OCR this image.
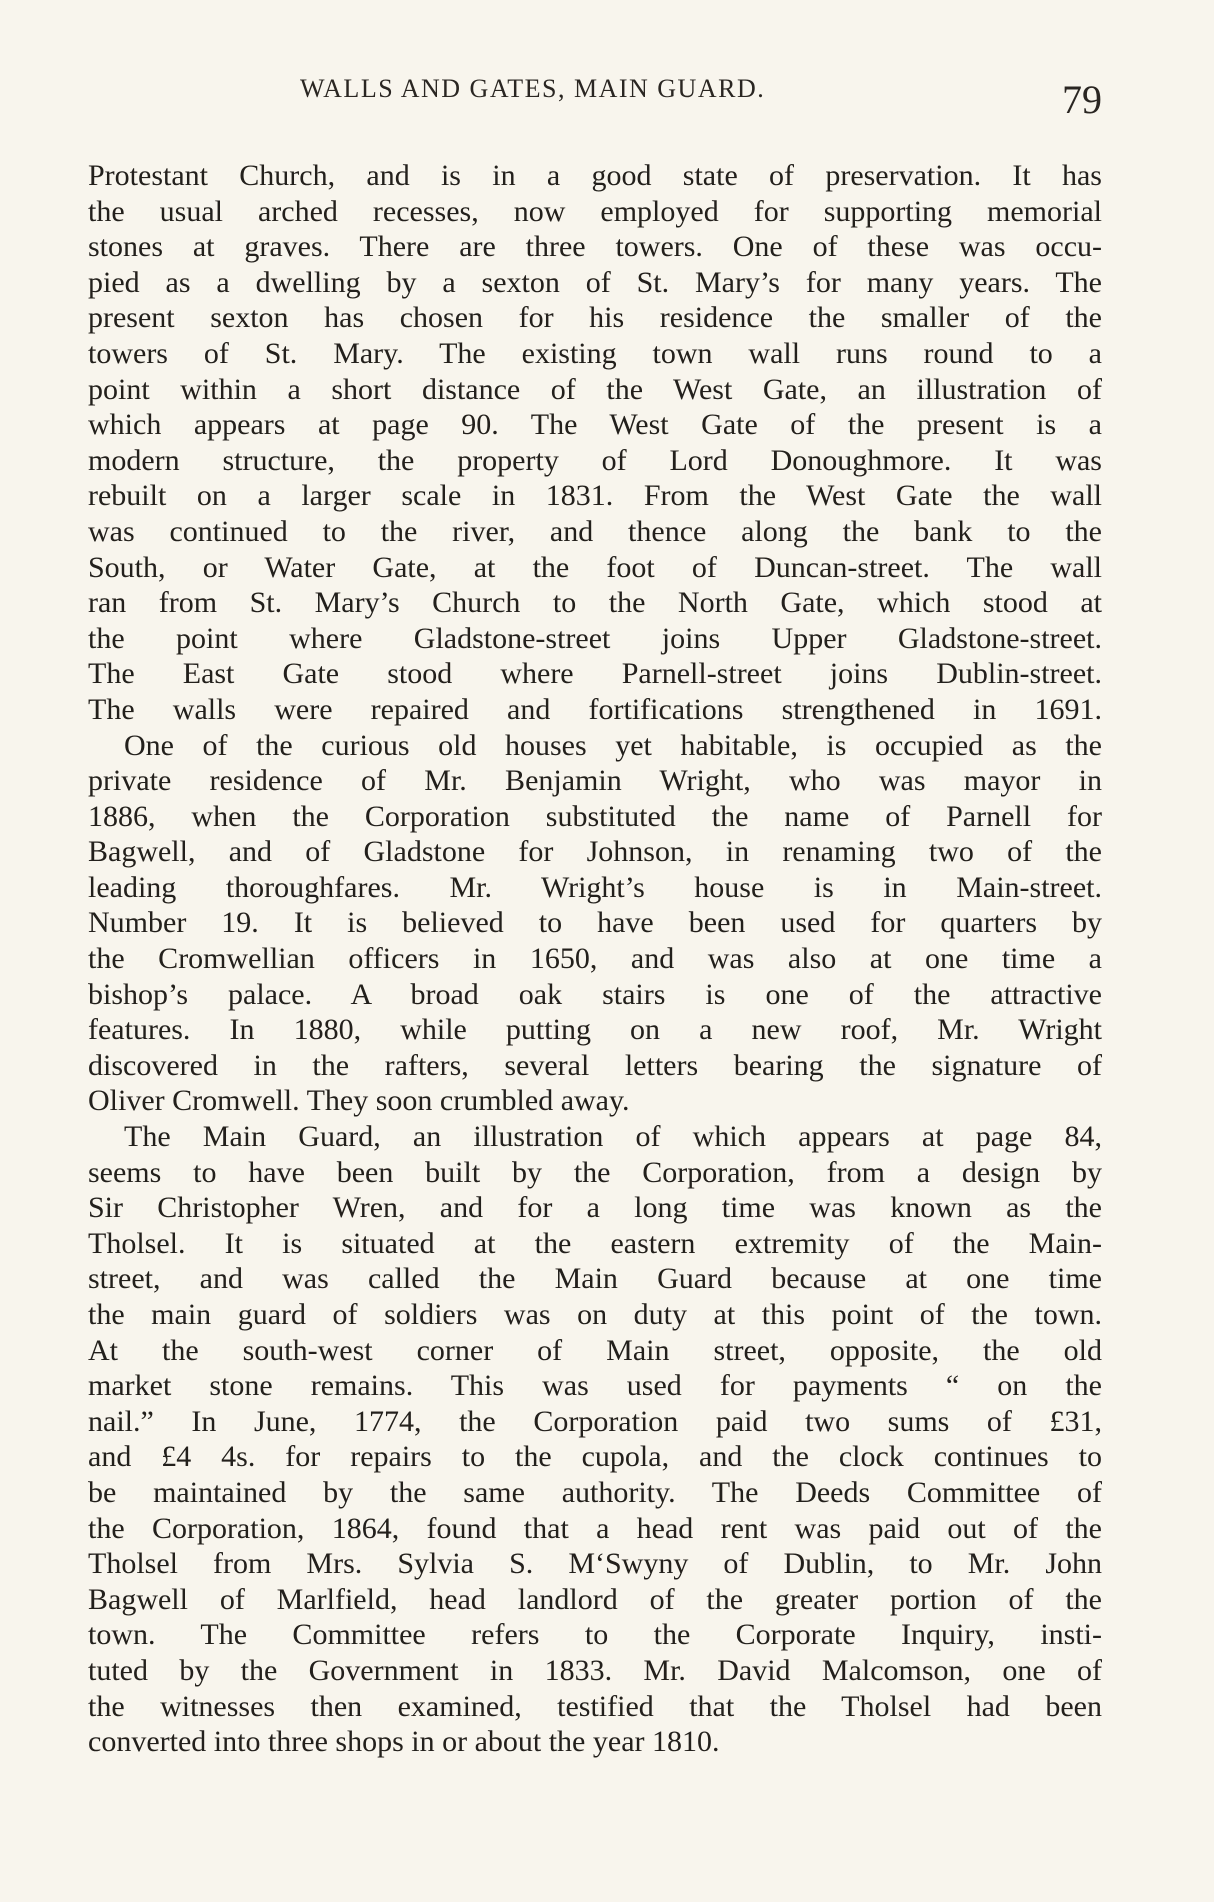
WALLS AND GATES, MAIN GUARD.	79
Protestant Church, and is in a good state of preservation. It has
the usual arched recesses, now employed for supporting memorial
stones at graves. There are three towers. One of these was occu-
pied as a dwelling by a sexton of St. Mary’s for many years. The
present sexton has chosen for his residence the smaller of the
towers of St. Mary. The existing town wall runs round to a
point within a short distance of the West Gate, an illustration of
which appears at page 90. The West Gate of the present is a
modern structure, the property of Lord Donoughmore. It was
rebuilt on a larger scale in 1831. From the West Gate the wall
was continued to the river, and thence along the bank to the
South, or Water Gate, at the foot of Duncan-street. The wall
ran from St. Mary’s Church to the North Gate, which stood at
the point where Gladstone-street joins Upper Gladstone-street.
The East Gate stood where Parnell-street joins Dublin-street.
The walls were repaired and fortifications strengthened in 1691.
One of the curious old houses yet habitable, is occupied as the
private residence of Mr. Benjamin Wright, who was mayor in
1886, when the Corporation substituted the name of Parnell for
Bagwell, and of Gladstone for Johnson, in renaming two of the
leading thoroughfares. Mr. Wright’s house is in Main-street.
Number 19. It is believed to have been used for quarters by
the Cromwellian officers in 1650, and was also at one time a
bishop’s palace. A broad oak stairs is one of the attractive
features. In 1880, while putting on a new roof, Mr. Wright
discovered in the rafters, several letters bearing the signature of
Oliver Cromwell. They soon crumbled away.
The Main Guard, an illustration of which appears at page 84,
seems to have been built by the Corporation, from a design by
Sir Christopher Wren, and for a long time was known as the
Tholsel. It is situated at the eastern extremity of the Main-
street, and was called the Main Guard because at one time
the main guard of soldiers was on duty at this point of the town.
At the south-west corner of Main street, opposite, the old
market stone remains. This was used for payments “ on the
nail.” In June, 1774, the Corporation paid two sums of £31,
and £4 4s. for repairs to the cupola, and the clock continues to
be maintained by the same authority. The Deeds Committee of
the Corporation, 1864, found that a head rent was paid out of the
Tholsel from Mrs. Sylvia S. M‘Swyny of Dublin, to Mr. John
Bagwell of Marlfield, head landlord of the greater portion of the
town. The Committee refers to the Corporate Inquiry, insti-
tuted by the Government in 1833. Mr. David Malcomson, one of
the witnesses then examined, testified that the Tholsel had been
converted into three shops in or about the year 1810.
